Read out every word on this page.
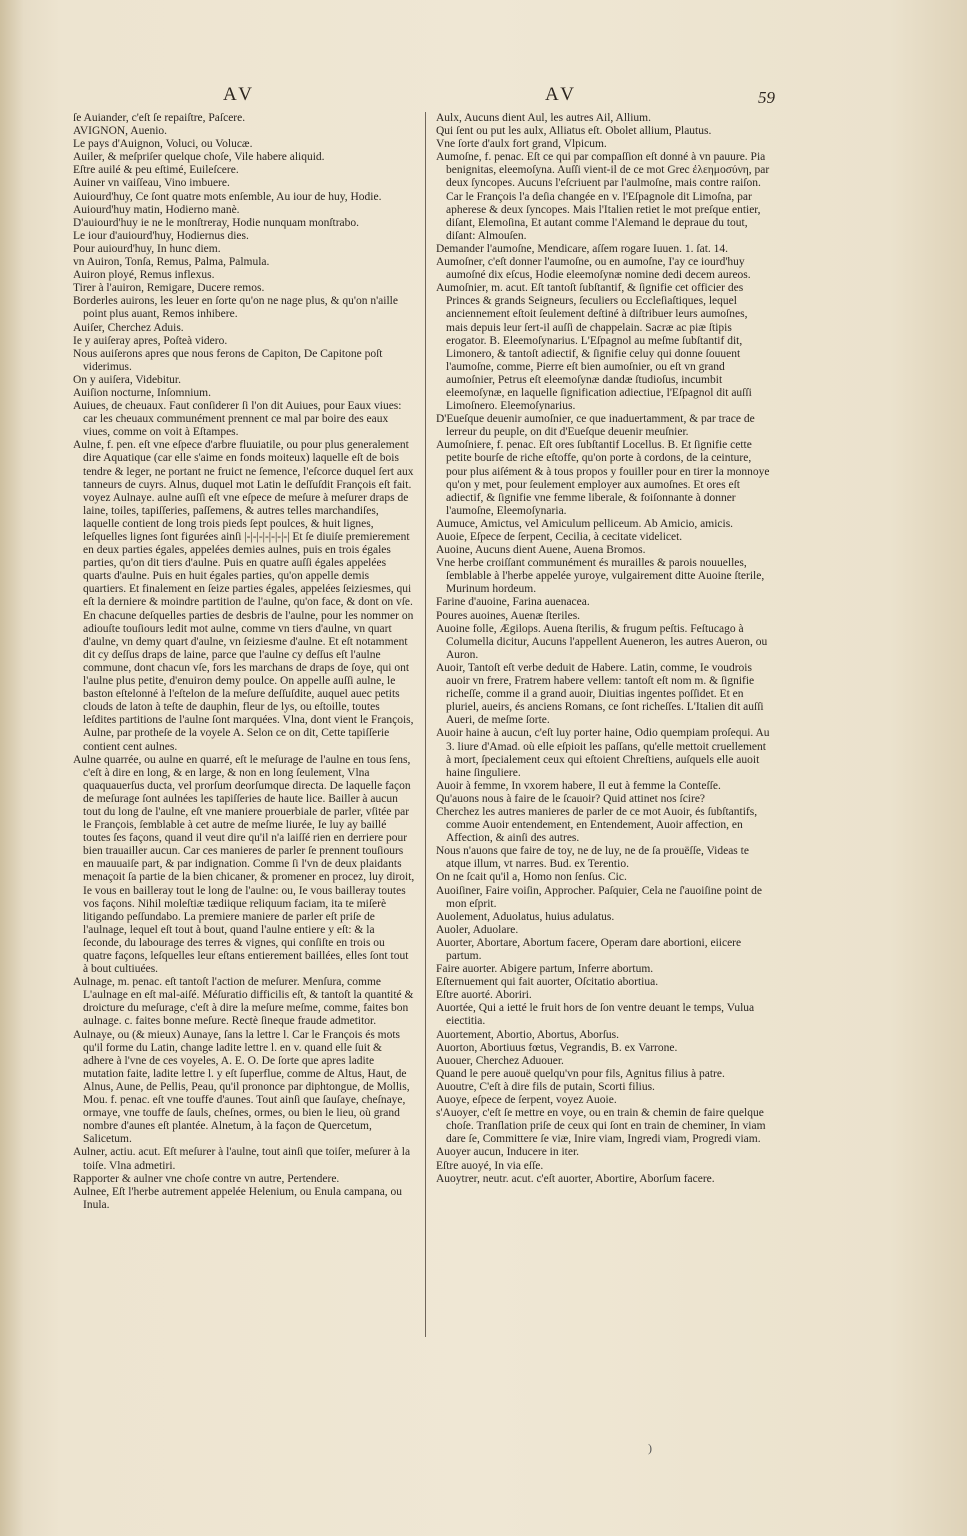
AV	AV	59

ſe Auiander, c'eſt ſe repaiſtre, Paſcere.

AVIGNON, Auenio.

Le pays d'Auignon, Voluci, ou Volucæ.

Auiler, & meſpriſer quelque choſe, Vile habere aliquid.

Eſtre auilé & peu eſtimé, Euileſcere.

Auiner vn vaiſſeau, Vino imbuere.

Auiourd'huy, Ce ſont quatre mots enſemble, Au iour de huy, Hodie.

Auiourd'huy matin, Hodierno manè.

D'auiourd'huy ie ne le monſtreray, Hodie nunquam monſtrabo.

Le iour d'auiourd'huy, Hodiernus dies.

Pour auiourd'huy, In hunc diem.

vn Auiron, Tonſa, Remus, Palma, Palmula.

Auiron ployé, Remus inflexus.

Tirer à l'auiron, Remigare, Ducere remos.

Borderles auirons, les leuer en ſorte qu'on ne nage plus, & qu'on n'aille point plus auant, Remos inhibere.

Auiſer, Cherchez Aduis.

Ie y auiſeray apres, Poſteà videro.

Nous auiſerons apres que nous ferons de Capiton, De Capitone poſt viderimus.

On y auiſera, Videbitur.

Auiſion nocturne, Inſomnium.

Auiues, de cheuaux. Faut conſiderer ſi l'on dit Auiues, pour Eaux viues: car les cheuaux communément prennent ce mal par boire des eaux viues, comme on voit à Eſtampes.

Aulne, f. pen. eſt vne eſpece d'arbre fluuiatile, ou pour plus generalement dire Aquatique (car elle s'aime en fonds moiteux) laquelle eſt de bois tendre & leger, ne portant ne fruict ne ſemence, l'eſcorce duquel ſert aux tanneurs de cuyrs. Alnus, duquel mot Latin le deſſuſdit François eſt fait. voyez Aulnaye. aulne auſſi eſt vne eſpece de meſure à meſurer draps de laine, toiles, tapiſſeries, paſſemens, & autres telles marchandiſes, laquelle contient de long trois pieds ſept poulces, & huit lignes, leſquelles lignes ſont figurées ainſi |-|-|-|-|-|-|-| Et ſe diuiſe premierement en deux parties égales, appelées demies aulnes, puis en trois égales parties, qu'on dit tiers d'aulne. Puis en quatre auſſi égales appelées quarts d'aulne. Puis en huit égales parties, qu'on appelle demis quartiers. Et finalement en ſeize parties égales, appelées ſeiziesmes, qui eſt la derniere & moindre partition de l'aulne, qu'on face, & dont on vſe. En chacune deſquelles parties de desbris de l'aulne, pour les nommer on adiouſte touſiours ledit mot aulne, comme vn tiers d'aulne, vn quart d'aulne, vn demy quart d'aulne, vn ſeiziesme d'aulne. Et eſt notamment dit cy deſſus draps de laine, parce que l'aulne cy deſſus eſt l'aulne commune, dont chacun vſe, fors les marchans de draps de ſoye, qui ont l'aulne plus petite, d'enuiron demy poulce. On appelle auſſi aulne, le baston eſtelonné à l'eſtelon de la meſure deſſuſdite, auquel auec petits clouds de laton à teſte de dauphin, fleur de lys, ou eſtoille, toutes leſdites partitions de l'aulne ſont marquées. Vlna, dont vient le François, Aulne, par protheſe de la voyele A. Selon ce on dit, Cette tapiſſerie contient cent aulnes.

Aulne quarrée, ou aulne en quarré, eſt le meſurage de l'aulne en tous ſens, c'eſt à dire en long, & en large, & non en long ſeulement, Vlna quaquauerſus ducta, vel prorſum deorſumque directa. De laquelle façon de meſurage ſont aulnées les tapiſſeries de haute lice. Bailler à aucun tout du long de l'aulne, eſt vne maniere prouerbiale de parler, vſitée par le François, ſemblable à cet autre de meſme liurée, Ie luy ay baillé toutes ſes façons, quand il veut dire qu'il n'a laiſſé rien en derriere pour bien trauailler aucun. Car ces manieres de parler ſe prennent touſiours en mauuaiſe part, & par indignation. Comme ſi l'vn de deux plaidants menaçoit ſa partie de la bien chicaner, & promener en procez, luy diroit, Ie vous en bailleray tout le long de l'aulne: ou, Ie vous bailleray toutes vos façons. Nihil moleſtiæ tædiique reliquum faciam, ita te miſerè litigando peſſundabo. La premiere maniere de parler eſt priſe de l'aulnage, lequel eſt tout à bout, quand l'aulne entiere y eſt: & la ſeconde, du labourage des terres & vignes, qui conſiſte en trois ou quatre façons, leſquelles leur eſtans entierement baillées, elles ſont tout à bout cultiuées.

Aulnage, m. penac. eſt tantoſt l'action de meſurer. Menſura, comme L'aulnage en eſt mal-aiſé. Méſuratio difficilis eſt, & tantoſt la quantité & droicture du meſurage, c'eſt à dire la meſure meſme, comme, faites bon aulnage. c. faites bonne meſure. Rectè ſineque fraude admetitor.

Aulnaye, ou (& mieux) Aunaye, ſans la lettre l. Car le François és mots qu'il forme du Latin, change ladite lettre l. en v. quand elle ſuit & adhere à l'vne de ces voyeles, A. E. O. De ſorte que apres ladite mutation faite, ladite lettre l. y eſt ſuperflue, comme de Altus, Haut, de Alnus, Aune, de Pellis, Peau, qu'il prononce par diphtongue, de Mollis, Mou. f. penac. eſt vne touffe d'aunes. Tout ainſi que ſauſaye, cheſnaye, ormaye, vne touffe de ſauls, cheſnes, ormes, ou bien le lieu, où grand nombre d'aunes eſt plantée. Alnetum, à la façon de Quercetum, Salicetum.

Aulner, actiu. acut. Eſt meſurer à l'aulne, tout ainſi que toiſer, meſurer à la toiſe. Vlna admetiri.

Rapporter & aulner vne choſe contre vn autre, Pertendere.

Aulnee, Eſt l'herbe autrement appelée Helenium, ou Enula campana, ou Inula.

Aulx, Aucuns dient Aul, les autres Ail, Allium.

Qui ſent ou put les aulx, Alliatus eſt. Obolet allium, Plautus.

Vne ſorte d'aulx fort grand, Vlpicum.

Aumoſne, f. penac. Eſt ce qui par compaſſion eſt donné à vn pauure. Pia benignitas, eleemoſyna. Auſſi vient-il de ce mot Grec ἐλεημοσύνη, par deux ſyncopes. Aucuns l'eſcriuent par l'aulmoſne, mais contre raiſon. Car le François l'a deſia changée en v. l'Eſpagnole dit Limoſna, par apherese & deux ſyncopes. Mais l'Italien retiet le mot preſque entier, diſant, Elemoſina, Et autant comme l'Alemand le depraue du tout, diſant: Almouſen.

Demander l'aumoſne, Mendicare, aſſem rogare Iuuen. 1. ſat. 14.

Aumoſner, c'eſt donner l'aumoſne, ou en aumoſne, I'ay ce iourd'huy aumoſné dix eſcus, Hodie eleemoſynæ nomine dedi decem aureos.

Aumoſnier, m. acut. Eſt tantoſt ſubſtantif, & ſignifie cet officier des Princes & grands Seigneurs, ſeculiers ou Eccleſiaſtiques, lequel anciennement eſtoit ſeulement deſtiné à diſtribuer leurs aumoſnes, mais depuis leur ſert-il auſſi de chappelain. Sacræ ac piæ ſtipis erogator. B. Eleemoſynarius. L'Eſpagnol au meſme ſubſtantif dit, Limonero, & tantoſt adiectif, & ſignifie celuy qui donne ſouuent l'aumoſne, comme, Pierre eſt bien aumoſnier, ou eſt vn grand aumoſnier, Petrus eſt eleemoſynæ dandæ ſtudioſus, incumbit eleemoſynæ, en laquelle ſignification adiectiue, l'Eſpagnol dit auſſi Limoſnero. Eleemoſynarius.

D'Eueſque deuenir aumoſnier, ce que inaduertamment, & par trace de lerreur du peuple, on dit d'Eueſque deuenir meuſnier.

Aumoſniere, f. penac. Eſt ores ſubſtantif Locellus. B. Et ſignifie cette petite bourſe de riche eſtoffe, qu'on porte à cordons, de la ceinture, pour plus aiſément & à tous propos y fouiller pour en tirer la monnoye qu'on y met, pour ſeulement employer aux aumoſnes. Et ores eſt adiectif, & ſignifie vne femme liberale, & foiſonnante à donner l'aumoſne, Eleemoſynaria.

Aumuce, Amictus, vel Amiculum pelliceum. Ab Amicio, amicis.

Auoie, Eſpece de ſerpent, Cecilia, à cecitate videlicet.

Auoine, Aucuns dient Auene, Auena Bromos.

Vne herbe croiſſant communément és murailles & parois nouuelles, ſemblable à l'herbe appelée yuroye, vulgairement ditte Auoine ſterile, Murinum hordeum.

Farine d'auoine, Farina auenacea.

Poures auoines, Auenæ ſteriles.

Auoine folle, Ægilops. Auena ſterilis, & frugum peſtis. Feſtucago à Columella dicitur, Aucuns l'appellent Aueneron, les autres Aueron, ou Auron.

Auoir, Tantoſt eſt verbe deduit de Habere. Latin, comme, Ie voudrois auoir vn frere, Fratrem habere vellem: tantoſt eſt nom m. & ſignifie richeſſe, comme il a grand auoir, Diuitias ingentes poſſidet. Et en pluriel, aueirs, és anciens Romans, ce ſont richeſſes. L'Italien dit auſſi Aueri, de meſme ſorte.

Auoir haine à aucun, c'eſt luy porter haine, Odio quempiam proſequi. Au 3. liure d'Amad. où elle eſpioit les paſſans, qu'elle mettoit cruellement à mort, ſpecialement ceux qui eſtoient Chreſtiens, auſquels elle auoit haine ſinguliere.

Auoir à femme, In vxorem habere, Il eut à femme la Conteſſe.

Qu'auons nous à faire de le ſcauoir? Quid attinet nos ſcire?

Cherchez les autres manieres de parler de ce mot Auoir, és ſubſtantifs, comme Auoir entendement, en Entendement, Auoir affection, en Affection, & ainſi des autres.

Nous n'auons que faire de toy, ne de luy, ne de ſa prouëſſe, Videas te atque illum, vt narres. Bud. ex Terentio.

On ne ſcait qu'il a, Homo non ſenſus. Cic.

Auoiſiner, Faire voiſin, Approcher. Paſquier, Cela ne ſ'auoiſine point de mon eſprit.

Auolement, Aduolatus, huius adulatus.

Auoler, Aduolare.

Auorter, Abortare, Abortum facere, Operam dare abortioni, eiicere partum.

Faire auorter. Abigere partum, Inferre abortum.

Eſternuement qui fait auorter, Oſcitatio abortiua.

Eſtre auorté. Aboriri.

Auortée, Qui a ietté le fruit hors de ſon ventre deuant le temps, Vulua eiectitia.

Auortement, Abortio, Abortus, Aborſus.

Auorton, Abortiuus fœtus, Vegrandis, B. ex Varrone.

Auouer, Cherchez Aduouer.

Quand le pere auouë quelqu'vn pour fils, Agnitus filius à patre.

Auoutre, C'eſt à dire fils de putain, Scorti filius.

Auoye, eſpece de ſerpent, voyez Auoie.

s'Auoyer, c'eſt ſe mettre en voye, ou en train & chemin de faire quelque choſe. Tranſlation priſe de ceux qui ſont en train de cheminer, In viam dare ſe, Committere ſe viæ, Inire viam, Ingredi viam, Progredi viam.

Auoyer aucun, Inducere in iter.

Eſtre auoyé, In via eſſe.

Auoytrer, neutr. acut. c'eſt auorter, Abortire, Aborſum facere.

)
